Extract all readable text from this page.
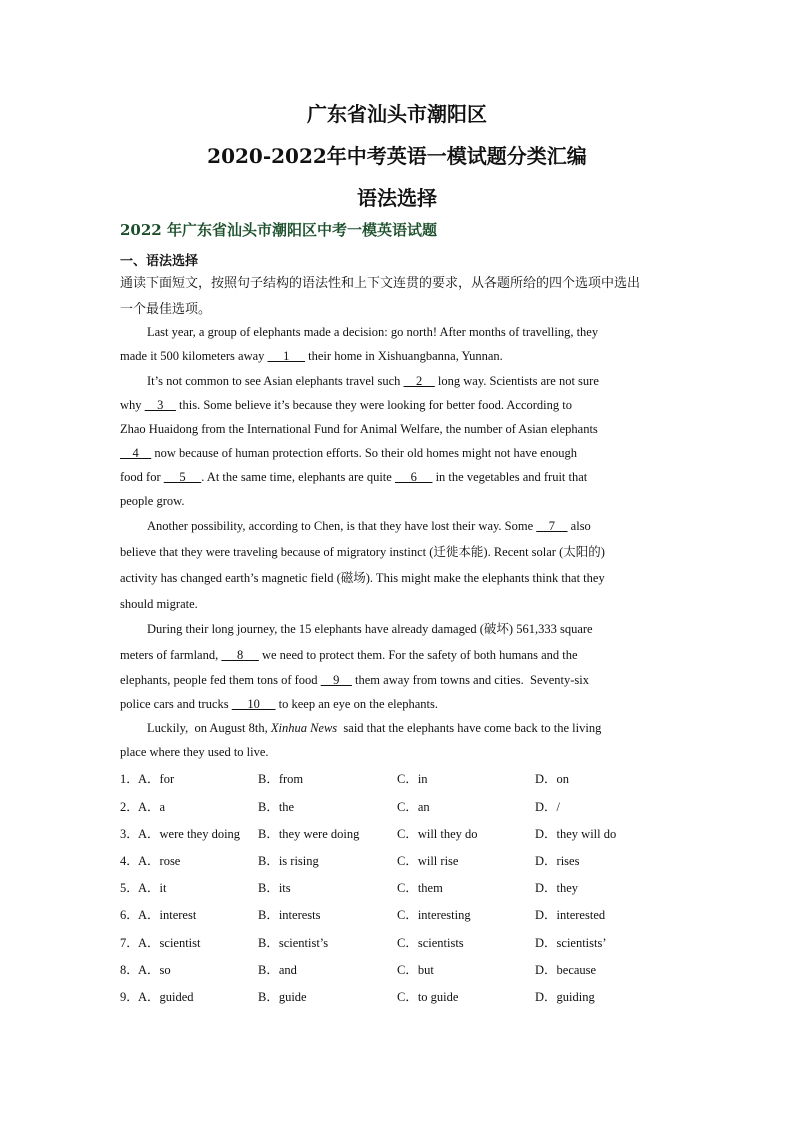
广东省汕头市潮阳区
2020-2022年中考英语一模试题分类汇编
语法选择
2022 年广东省汕头市潮阳区中考一模英语试题
一、语法选择
通读下面短文，按照句子结构的语法性和上下文连贯的要求，从各题所给的四个选项中选出
一个最佳选项。
Last year, a group of elephants made a decision: go north! After months of travelling, they
made it 500 kilometers away      1      their home in Xishuangbanna, Yunnan.
It’s not common to see Asian elephants travel such     2     long way. Scientists are not sure
why     3     this. Some believe it’s because they were looking for better food. According to
Zhao Huaidong from the International Fund for Animal Welfare, the number of Asian elephants
4     now because of human protection efforts. So their old homes might not have enough
food for      5     . At the same time, elephants are quite      6      in the vegetables and fruit that
people grow.
Another possibility, according to Chen, is that they have lost their way. Some     7     also
believe that they were traveling because of migratory instinct (迁徙本能). Recent solar (太阳的)
activity has changed earth’s magnetic field (磁场). This might make the elephants think that they
should migrate.
During their long journey, the 15 elephants have already damaged (破坏) 561,333 square
meters of farmland,      8      we need to protect them. For the safety of both humans and the
elephants, people fed them tons of food     9     them away from towns and cities.  Seventy-six
police cars and trucks      10      to keep an eye on the elephants.
Luckily,  on August 8th, Xinhua News  said that the elephants have come back to the living
place where they used to live.
1． A．for	B．from	C．in	D．on
2． A．a	B．the	C．an	D．/
3． A．were they doing B．they were doing	C．will they do	D．they will do
4． A．rose	B．is rising	C．will rise	D．rises
5． A．it	B．its	C．them	D．they
6． A．interest	B．interests	C．interesting	D．interested
7． A．scientist	B．scientist’s	C．scientists	D．scientists’
8． A．so	B．and	C．but	D．because
9． A．guided	B．guide	C．to guide	D．guiding
